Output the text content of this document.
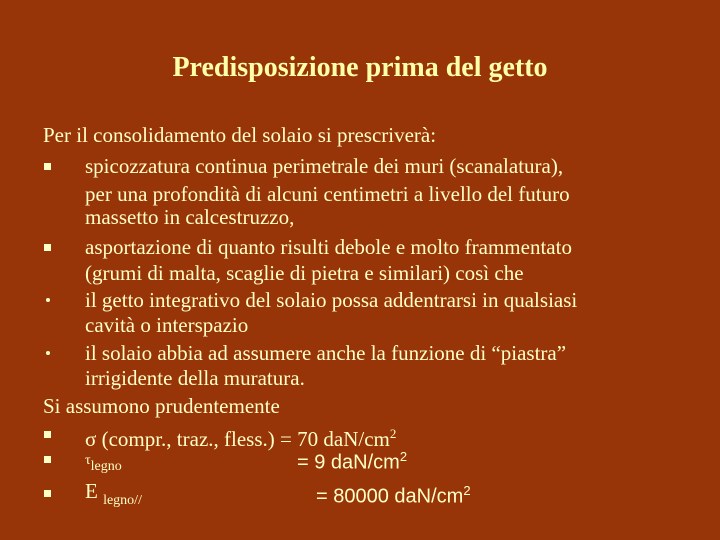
Predisposizione prima del getto
Per il consolidamento del solaio si prescriverà:
spicozzatura continua perimetrale dei muri (scanalatura),
per una profondità di alcuni centimetri a livello del futuro
massetto in calcestruzzo,
asportazione di quanto risulti debole e molto frammentato
(grumi di malta, scaglie di pietra e similari) così che
il getto integrativo del solaio possa addentrarsi in qualsiasi
cavità o interspazio
il solaio abbia ad assumere anche la funzione di “piastra”
irrigidente della muratura.
Si assumono prudentemente
σ (compr., traz., fless.) = 70 daN/$cm^2$
$\tau_{legno}$	= 9 daN/$cm^2$
E $_{legno//}$	= 80000 daN/$cm^2$
